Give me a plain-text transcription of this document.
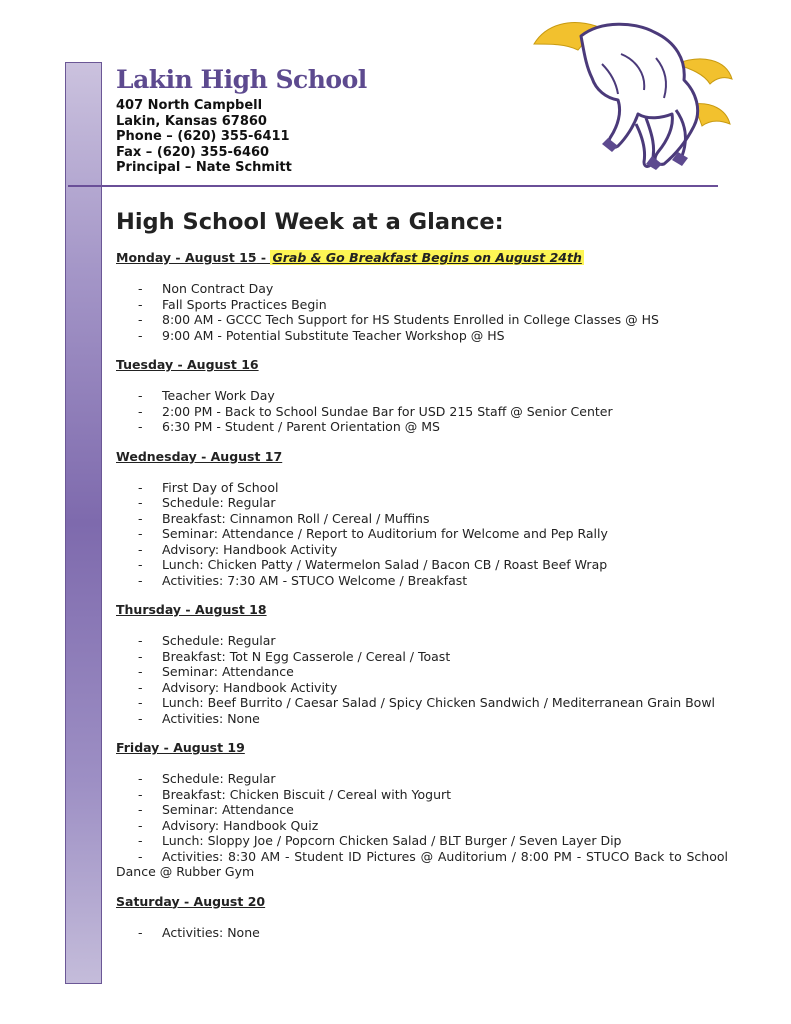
Lakin High School
407 North Campbell
Lakin, Kansas 67860
Phone – (620) 355-6411
Fax – (620) 355-6460
Principal – Nate Schmitt
High School Week at a Glance:

Monday - August 15 - Grab & Go Breakfast Begins on August 24th

- Non Contract Day
- Fall Sports Practices Begin
- 8:00 AM - GCCC Tech Support for HS Students Enrolled in College Classes @ HS
- 9:00 AM - Potential Substitute Teacher Workshop @ HS

Tuesday - August 16

- Teacher Work Day
- 2:00 PM - Back to School Sundae Bar for USD 215 Staff @ Senior Center
- 6:30 PM - Student / Parent Orientation @ MS

Wednesday - August 17

- First Day of School
- Schedule: Regular
- Breakfast: Cinnamon Roll / Cereal / Muffins
- Seminar: Attendance / Report to Auditorium for Welcome and Pep Rally
- Advisory: Handbook Activity
- Lunch: Chicken Patty / Watermelon Salad / Bacon CB / Roast Beef Wrap
- Activities: 7:30 AM - STUCO Welcome / Breakfast

Thursday - August 18

- Schedule: Regular
- Breakfast: Tot N Egg Casserole / Cereal / Toast
- Seminar: Attendance
- Advisory: Handbook Activity
- Lunch: Beef Burrito / Caesar Salad / Spicy Chicken Sandwich / Mediterranean Grain Bowl
- Activities: None

Friday - August 19

- Schedule: Regular
- Breakfast: Chicken Biscuit / Cereal with Yogurt
- Seminar: Attendance
- Advisory: Handbook Quiz
- Lunch: Sloppy Joe / Popcorn Chicken Salad / BLT Burger / Seven Layer Dip
- Activities: 8:30 AM - Student ID Pictures @ Auditorium / 8:00 PM - STUCO Back to School Dance @ Rubber Gym

Saturday - August 20

- Activities: None
